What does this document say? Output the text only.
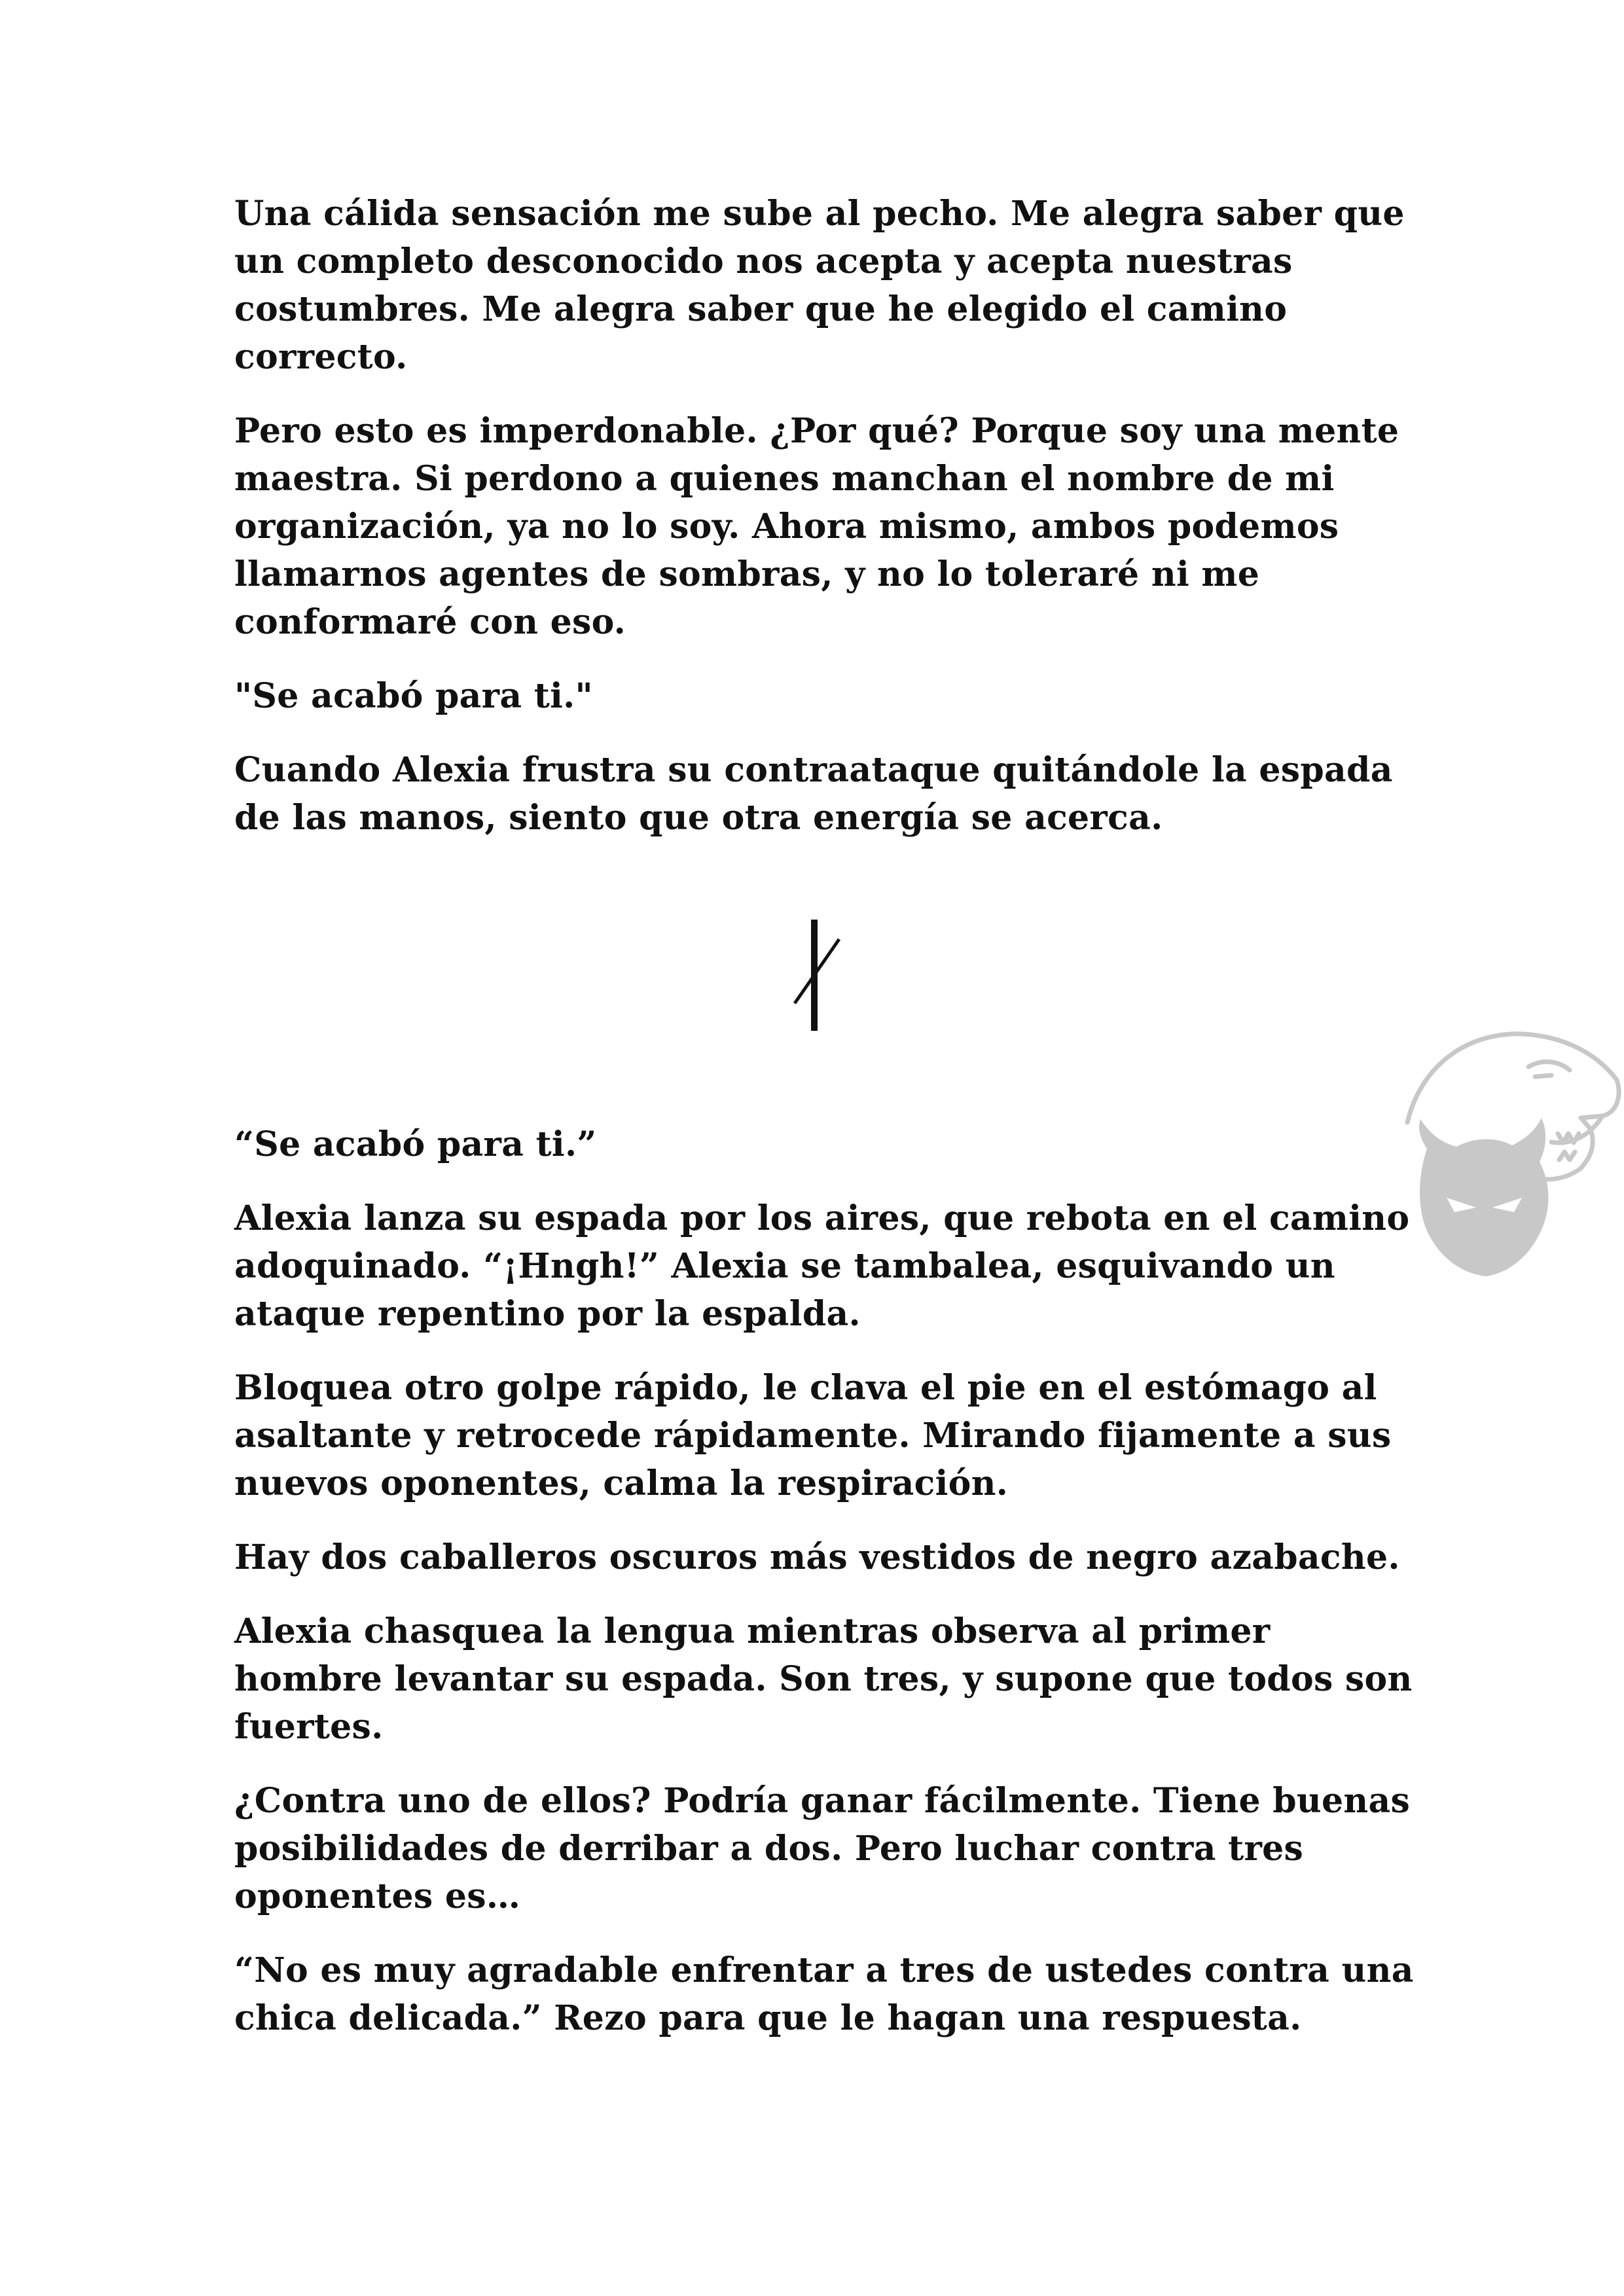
Una cálida sensación me sube al pecho. Me alegra saber que un completo desconocido nos acepta y acepta nuestras costumbres. Me alegra saber que he elegido el camino correcto.

Pero esto es imperdonable. ¿Por qué? Porque soy una mente maestra. Si perdono a quienes manchan el nombre de mi organización, ya no lo soy. Ahora mismo, ambos podemos llamarnos agentes de sombras, y no lo toleraré ni me conformaré con eso.

"Se acabó para ti."

Cuando Alexia frustra su contraataque quitándole la espada de las manos, siento que otra energía se acerca.

“Se acabó para ti.”

Alexia lanza su espada por los aires, que rebota en el camino adoquinado. “¡Hngh!” Alexia se tambalea, esquivando un ataque repentino por la espalda.

Bloquea otro golpe rápido, le clava el pie en el estómago al asaltante y retrocede rápidamente. Mirando fijamente a sus nuevos oponentes, calma la respiración.

Hay dos caballeros oscuros más vestidos de negro azabache.

Alexia chasquea la lengua mientras observa al primer hombre levantar su espada. Son tres, y supone que todos son fuertes.

¿Contra uno de ellos? Podría ganar fácilmente. Tiene buenas posibilidades de derribar a dos. Pero luchar contra tres oponentes es…

“No es muy agradable enfrentar a tres de ustedes contra una chica delicada.” Rezo para que le hagan una respuesta.
